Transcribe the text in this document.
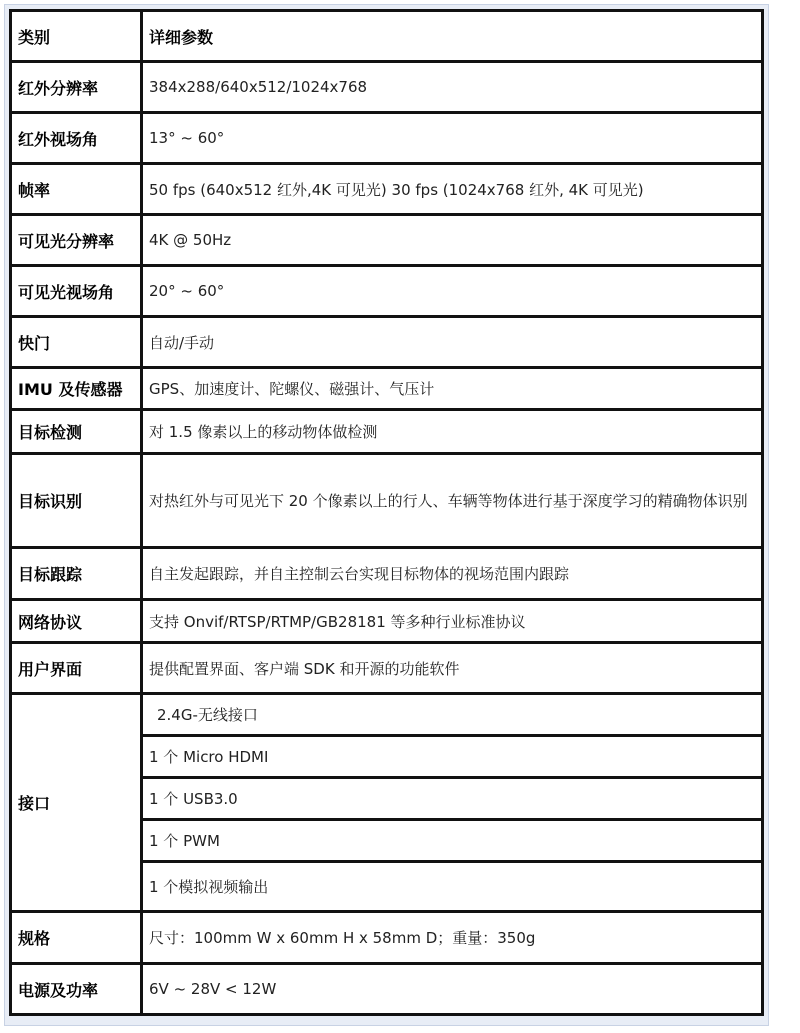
类别	详细参数
红外分辨率	384x288/640x512/1024x768
红外视场角	13° ~ 60°
帧率	50 fps (640x512 红外,4K 可见光) 30 fps (1024x768 红外, 4K 可见光)
可见光分辨率	4K @ 50Hz
可见光视场角	20° ~ 60°
快门	自动/手动
IMU 及传感器	GPS、加速度计、陀螺仪、磁强计、气压计
目标检测	对 1.5 像素以上的移动物体做检测
目标识别	对热红外与可见光下 20 个像素以上的行人、车辆等物体进行基于深度学习的精确物体识别
目标跟踪	自主发起跟踪，并自主控制云台实现目标物体的视场范围内跟踪
网络协议	支持 Onvif/RTSP/RTMP/GB28181 等多种行业标准协议
用户界面	提供配置界面、客户端 SDK 和开源的功能软件
接口	2.4G-无线接口
	1 个 Micro HDMI
	1 个 USB3.0
	1 个 PWM
	1 个模拟视频输出
规格	尺寸：100mm W x 60mm H x 58mm D；重量：350g
电源及功率	6V ~ 28V < 12W
